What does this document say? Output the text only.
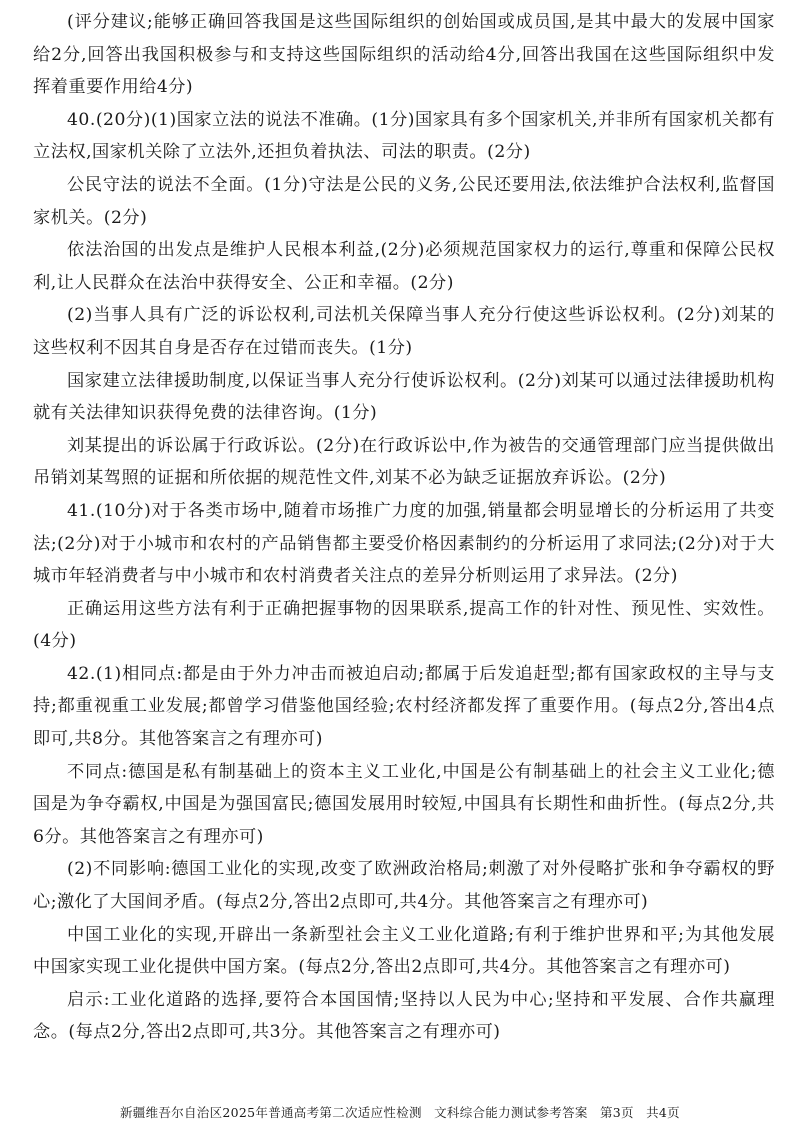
(评分建议;能够正确回答我国是这些国际组织的创始国或成员国,是其中最大的发展中国家给2分,回答出我国积极参与和支持这些国际组织的活动给4分,回答出我国在这些国际组织中发挥着重要作用给4分)

40.(20分)(1)国家立法的说法不准确。(1分)国家具有多个国家机关,并非所有国家机关都有立法权,国家机关除了立法外,还担负着执法、司法的职责。(2分)

公民守法的说法不全面。(1分)守法是公民的义务,公民还要用法,依法维护合法权利,监督国家机关。(2分)

依法治国的出发点是维护人民根本利益,(2分)必须规范国家权力的运行,尊重和保障公民权利,让人民群众在法治中获得安全、公正和幸福。(2分)

(2)当事人具有广泛的诉讼权利,司法机关保障当事人充分行使这些诉讼权利。(2分)刘某的这些权利不因其自身是否存在过错而丧失。(1分)

国家建立法律援助制度,以保证当事人充分行使诉讼权利。(2分)刘某可以通过法律援助机构就有关法律知识获得免费的法律咨询。(1分)

刘某提出的诉讼属于行政诉讼。(2分)在行政诉讼中,作为被告的交通管理部门应当提供做出吊销刘某驾照的证据和所依据的规范性文件,刘某不必为缺乏证据放弃诉讼。(2分)

41.(10分)对于各类市场中,随着市场推广力度的加强,销量都会明显增长的分析运用了共变法;(2分)对于小城市和农村的产品销售都主要受价格因素制约的分析运用了求同法;(2分)对于大城市年轻消费者与中小城市和农村消费者关注点的差异分析则运用了求异法。(2分)

正确运用这些方法有利于正确把握事物的因果联系,提高工作的针对性、预见性、实效性。(4分)

42.(1)相同点:都是由于外力冲击而被迫启动;都属于后发追赶型;都有国家政权的主导与支持;都重视重工业发展;都曾学习借鉴他国经验;农村经济都发挥了重要作用。(每点2分,答出4点即可,共8分。其他答案言之有理亦可)

不同点:德国是私有制基础上的资本主义工业化,中国是公有制基础上的社会主义工业化;德国是为争夺霸权,中国是为强国富民;德国发展用时较短,中国具有长期性和曲折性。(每点2分,共6分。其他答案言之有理亦可)

(2)不同影响:德国工业化的实现,改变了欧洲政治格局;刺激了对外侵略扩张和争夺霸权的野心;激化了大国间矛盾。(每点2分,答出2点即可,共4分。其他答案言之有理亦可)

中国工业化的实现,开辟出一条新型社会主义工业化道路;有利于维护世界和平;为其他发展中国家实现工业化提供中国方案。(每点2分,答出2点即可,共4分。其他答案言之有理亦可)

启示:工业化道路的选择,要符合本国国情;坚持以人民为中心;坚持和平发展、合作共赢理念。(每点2分,答出2点即可,共3分。其他答案言之有理亦可)

新疆维吾尔自治区2025年普通高考第二次适应性检测 文科综合能力测试参考答案 第3页 共4页
